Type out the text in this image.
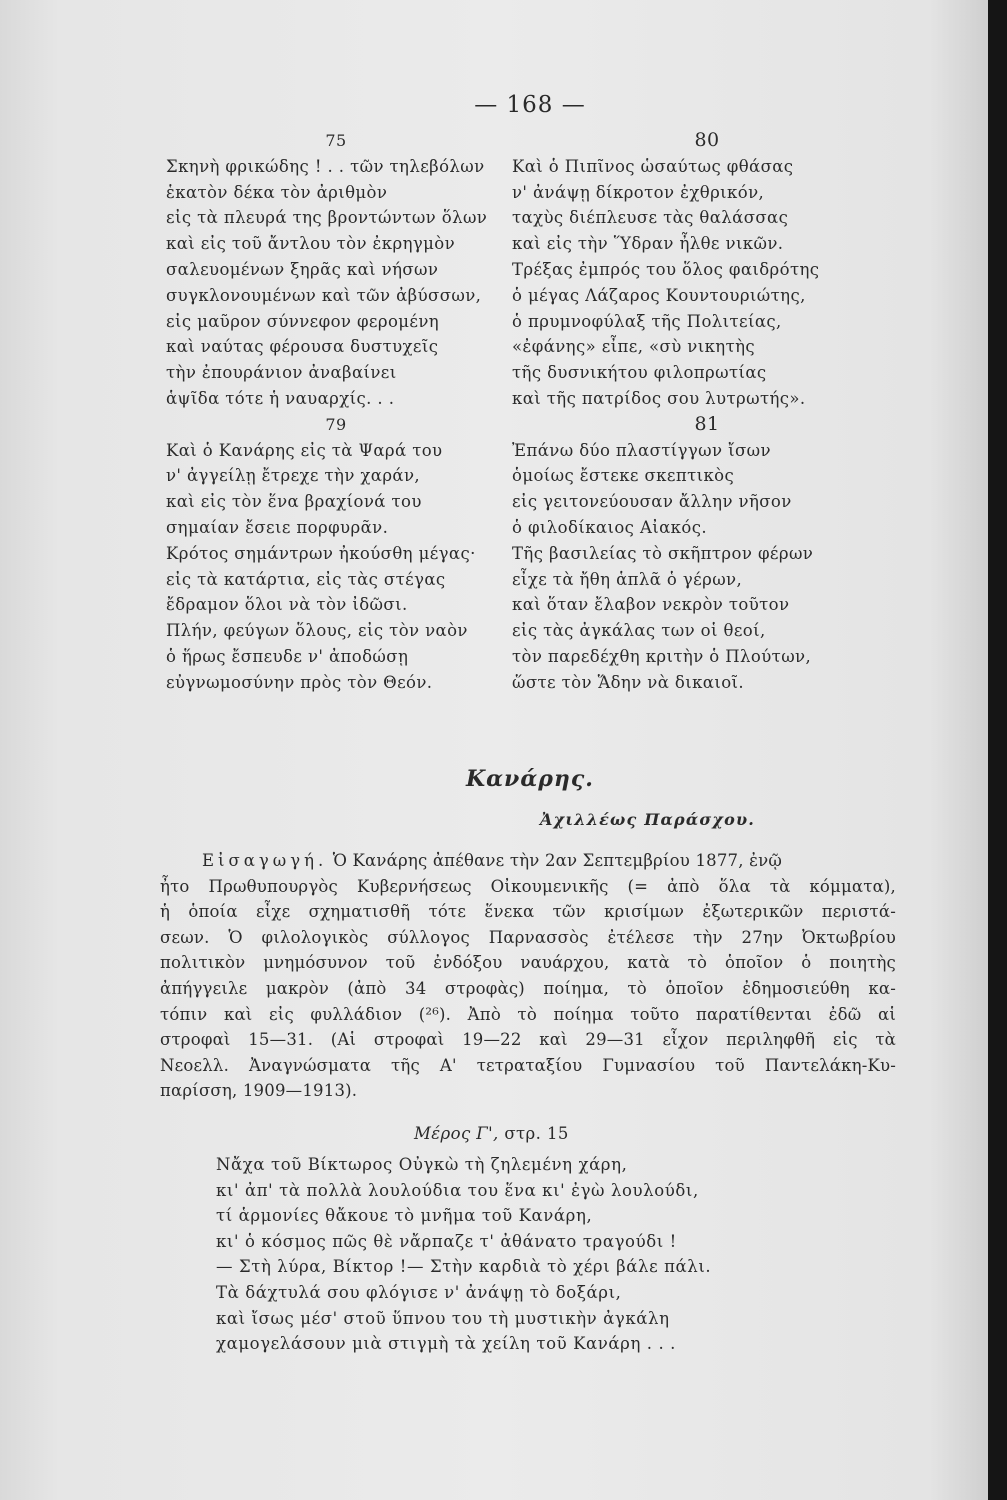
— 168 —
75
Σκηνὴ φρικώδης ! . . τῶν τηλεβόλων
ἑκατὸν δέκα τὸν ἀριθμὸν
εἰς τὰ πλευρά της βροντώντων ὅλων
καὶ εἰς τοῦ ἄντλου τὸν ἐκρηγμὸν
σαλευομένων ξηρᾶς καὶ νήσων
συγκλονουμένων καὶ τῶν ἀβύσσων,
εἰς μαῦρον σύννεφον φερομένη
καὶ ναύτας φέρουσα δυστυχεῖς
τὴν ἐπουράνιον ἀναβαίνει
ἁψῖδα τότε ἡ ναυαρχίς. . .
79
Καὶ ὁ Κανάρης εἰς τὰ Ψαρά του
ν' ἀγγείλῃ ἔτρεχε τὴν χαράν,
καὶ εἰς τὸν ἕνα βραχίονά του
σημαίαν ἔσειε πορφυρᾶν.
Κρότος σημάντρων ἠκούσθη μέγας·
εἰς τὰ κατάρτια, εἰς τὰς στέγας
ἔδραμον ὅλοι νὰ τὸν ἰδῶσι.
Πλήν, φεύγων ὅλους, εἰς τὸν ναὸν
ὁ ἥρως ἔσπευδε ν' ἀποδώσῃ
εὐγνωμοσύνην πρὸς τὸν Θεόν.
80
Καὶ ὁ Πιπῖνος ὡσαύτως φθάσας
ν' ἀνάψῃ δίκροτον ἐχθρικόν,
ταχὺς διέπλευσε τὰς θαλάσσας
καὶ εἰς τὴν Ὕδραν ἦλθε νικῶν.
Τρέξας ἐμπρός του ὅλος φαιδρότης
ὁ μέγας Λάζαρος Κουντουριώτης,
ὁ πρυμνοφύλαξ τῆς Πολιτείας,
«ἐφάνης» εἶπε, «σὺ νικητὴς
τῆς δυσνικήτου φιλοπρωτίας
καὶ τῆς πατρίδος σου λυτρωτής».
81
Ἐπάνω δύο πλαστίγγων ἴσων
ὁμοίως ἔστεκε σκεπτικὸς
εἰς γειτονεύουσαν ἄλλην νῆσον
ὁ φιλοδίκαιος Αἰακός.
Τῆς βασιλείας τὸ σκῆπτρον φέρων
εἶχε τὰ ἤθη ἁπλᾶ ὁ γέρων,
καὶ ὅταν ἔλαβον νεκρὸν τοῦτον
εἰς τὰς ἀγκάλας των οἱ θεοί,
τὸν παρεδέχθη κριτὴν ὁ Πλούτων,
ὥστε τὸν Ἅδην νὰ δικαιοῖ.
Κανάρης.
Ἀχιλλέως Παράσχου.
Εἰσαγωγή. Ὁ Κανάρης ἀπέθανε τὴν 2αν Σεπτεμβρίου 1877, ἐνῷ
ἦτο Πρωθυπουργὸς Κυβερνήσεως Οἰκουμενικῆς (= ἀπὸ ὅλα τὰ κόμματα),
ἡ ὁποία εἶχε σχηματισθῆ τότε ἕνεκα τῶν κρισίμων ἐξωτερικῶν περιστά-
σεων. Ὁ φιλολογικὸς σύλλογος Παρνασσὸς ἐτέλεσε τὴν 27ην Ὀκτωβρίου
πολιτικὸν μνημόσυνον τοῦ ἐνδόξου ναυάρχου, κατὰ τὸ ὁποῖον ὁ ποιητὴς
ἀπήγγειλε μακρὸν (ἀπὸ 34 στροφὰς) ποίημα, τὸ ὁποῖον ἐδημοσιεύθη κα-
τόπιν καὶ εἰς φυλλάδιον (²⁶). Ἀπὸ τὸ ποίημα τοῦτο παρατίθενται ἐδῶ αἱ
στροφαὶ 15—31. (Αἱ στροφαὶ 19—22 καὶ 29—31 εἶχον περιληφθῆ εἰς τὰ
Νεοελλ. Ἀναγνώσματα τῆς Α' τετραταξίου Γυμνασίου τοῦ Παντελάκη-Κυ-
παρίσση, 1909—1913).
Μέρος Γ', στρ. 15
Νἄχα τοῦ Βίκτωρος Οὐγκὼ τὴ ζηλεμένη χάρη,
κι' ἀπ' τὰ πολλὰ λουλούδια του ἕνα κι' ἐγὼ λουλούδι,
τί ἁρμονίες θἄκουε τὸ μνῆμα τοῦ Κανάρη,
κι' ὁ κόσμος πῶς θὲ νἄρπαζε τ' ἀθάνατο τραγούδι !
— Στὴ λύρα, Βίκτορ !— Στὴν καρδιὰ τὸ χέρι βάλε πάλι.
Τὰ δάχτυλά σου φλόγισε ν' ἀνάψῃ τὸ δοξάρι,
καὶ ἴσως μέσ' στοῦ ὕπνου του τὴ μυστικὴν ἀγκάλη
χαμογελάσουν μιὰ στιγμὴ τὰ χείλη τοῦ Κανάρη . . .
